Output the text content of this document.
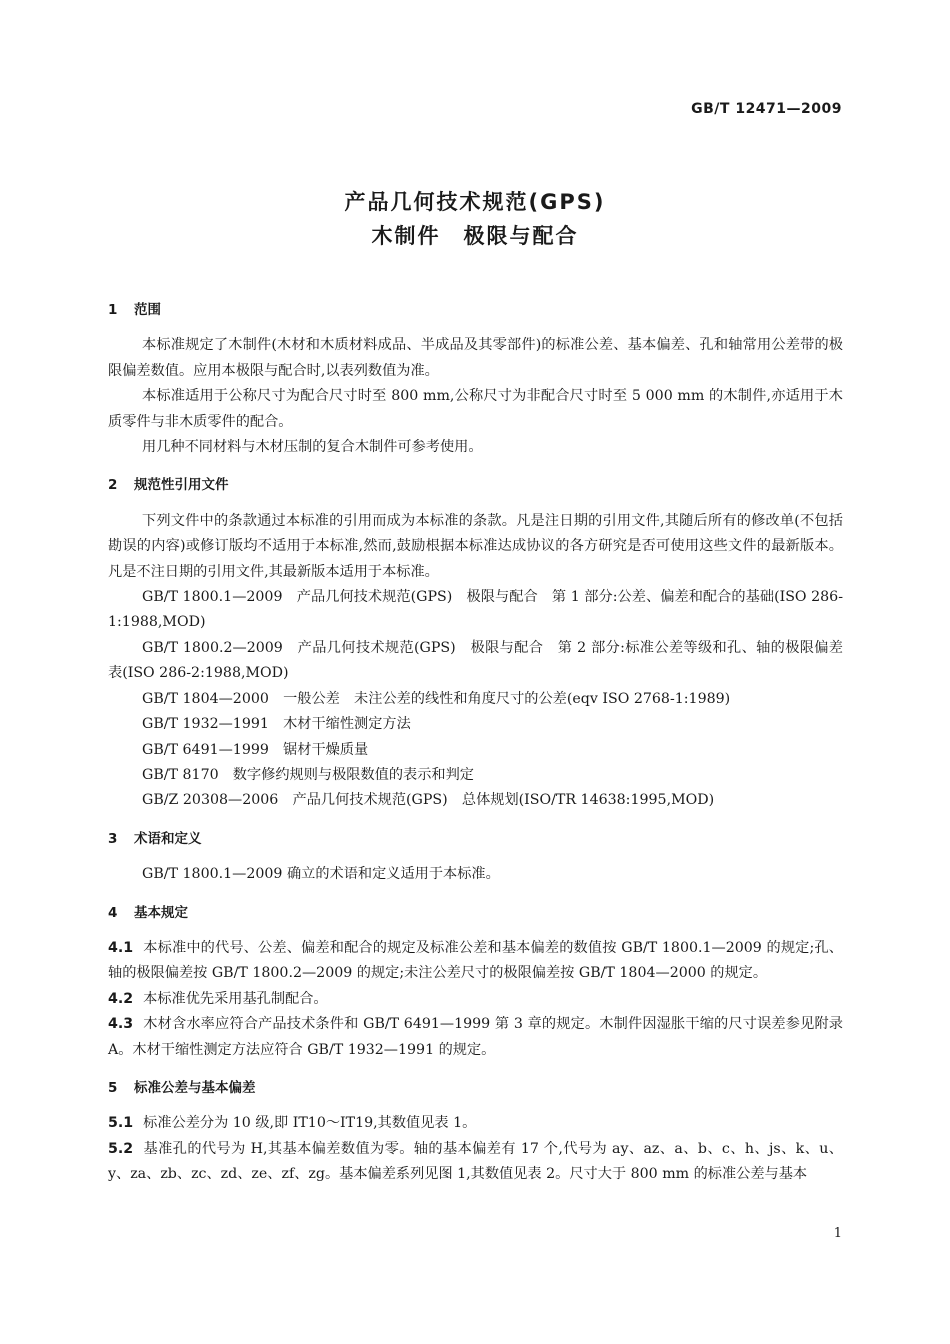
GB/T 12471—2009
产品几何技术规范(GPS)
木制件　极限与配合
1 范围

本标准规定了木制件(木材和木质材料成品、半成品及其零部件)的标准公差、基本偏差、孔和轴常用公差带的极限偏差数值。应用本极限与配合时,以表列数值为准。

本标准适用于公称尺寸为配合尺寸时至 800 mm,公称尺寸为非配合尺寸时至 5 000 mm 的木制件,亦适用于木质零件与非木质零件的配合。

用几种不同材料与木材压制的复合木制件可参考使用。

2 规范性引用文件

下列文件中的条款通过本标准的引用而成为本标准的条款。凡是注日期的引用文件,其随后所有的修改单(不包括勘误的内容)或修订版均不适用于本标准,然而,鼓励根据本标准达成协议的各方研究是否可使用这些文件的最新版本。凡是不注日期的引用文件,其最新版本适用于本标准。

GB/T 1800.1—2009　产品几何技术规范(GPS)　极限与配合　第 1 部分:公差、偏差和配合的基础(ISO 286-1:1988,MOD)

GB/T 1800.2—2009　产品几何技术规范(GPS)　极限与配合　第 2 部分:标准公差等级和孔、轴的极限偏差表(ISO 286-2:1988,MOD)

GB/T 1804—2000　一般公差　未注公差的线性和角度尺寸的公差(eqv ISO 2768-1:1989)

GB/T 1932—1991　木材干缩性测定方法

GB/T 6491—1999　锯材干燥质量

GB/T 8170　数字修约规则与极限数值的表示和判定

GB/Z 20308—2006　产品几何技术规范(GPS)　总体规划(ISO/TR 14638:1995,MOD)

3 术语和定义

GB/T 1800.1—2009 确立的术语和定义适用于本标准。

4 基本规定

4.1 本标准中的代号、公差、偏差和配合的规定及标准公差和基本偏差的数值按 GB/T 1800.1—2009 的规定;孔、轴的极限偏差按 GB/T 1800.2—2009 的规定;未注公差尺寸的极限偏差按 GB/T 1804—2000 的规定。

4.2 本标准优先采用基孔制配合。

4.3 木材含水率应符合产品技术条件和 GB/T 6491—1999 第 3 章的规定。木制件因湿胀干缩的尺寸误差参见附录 A。木材干缩性测定方法应符合 GB/T 1932—1991 的规定。

5 标准公差与基本偏差

5.1 标准公差分为 10 级,即 IT10～IT19,其数值见表 1。

5.2 基准孔的代号为 H,其基本偏差数值为零。轴的基本偏差有 17 个,代号为 ay、az、a、b、c、h、js、k、u、y、za、zb、zc、zd、ze、zf、zg。基本偏差系列见图 1,其数值见表 2。尺寸大于 800 mm 的标准公差与基本

1
